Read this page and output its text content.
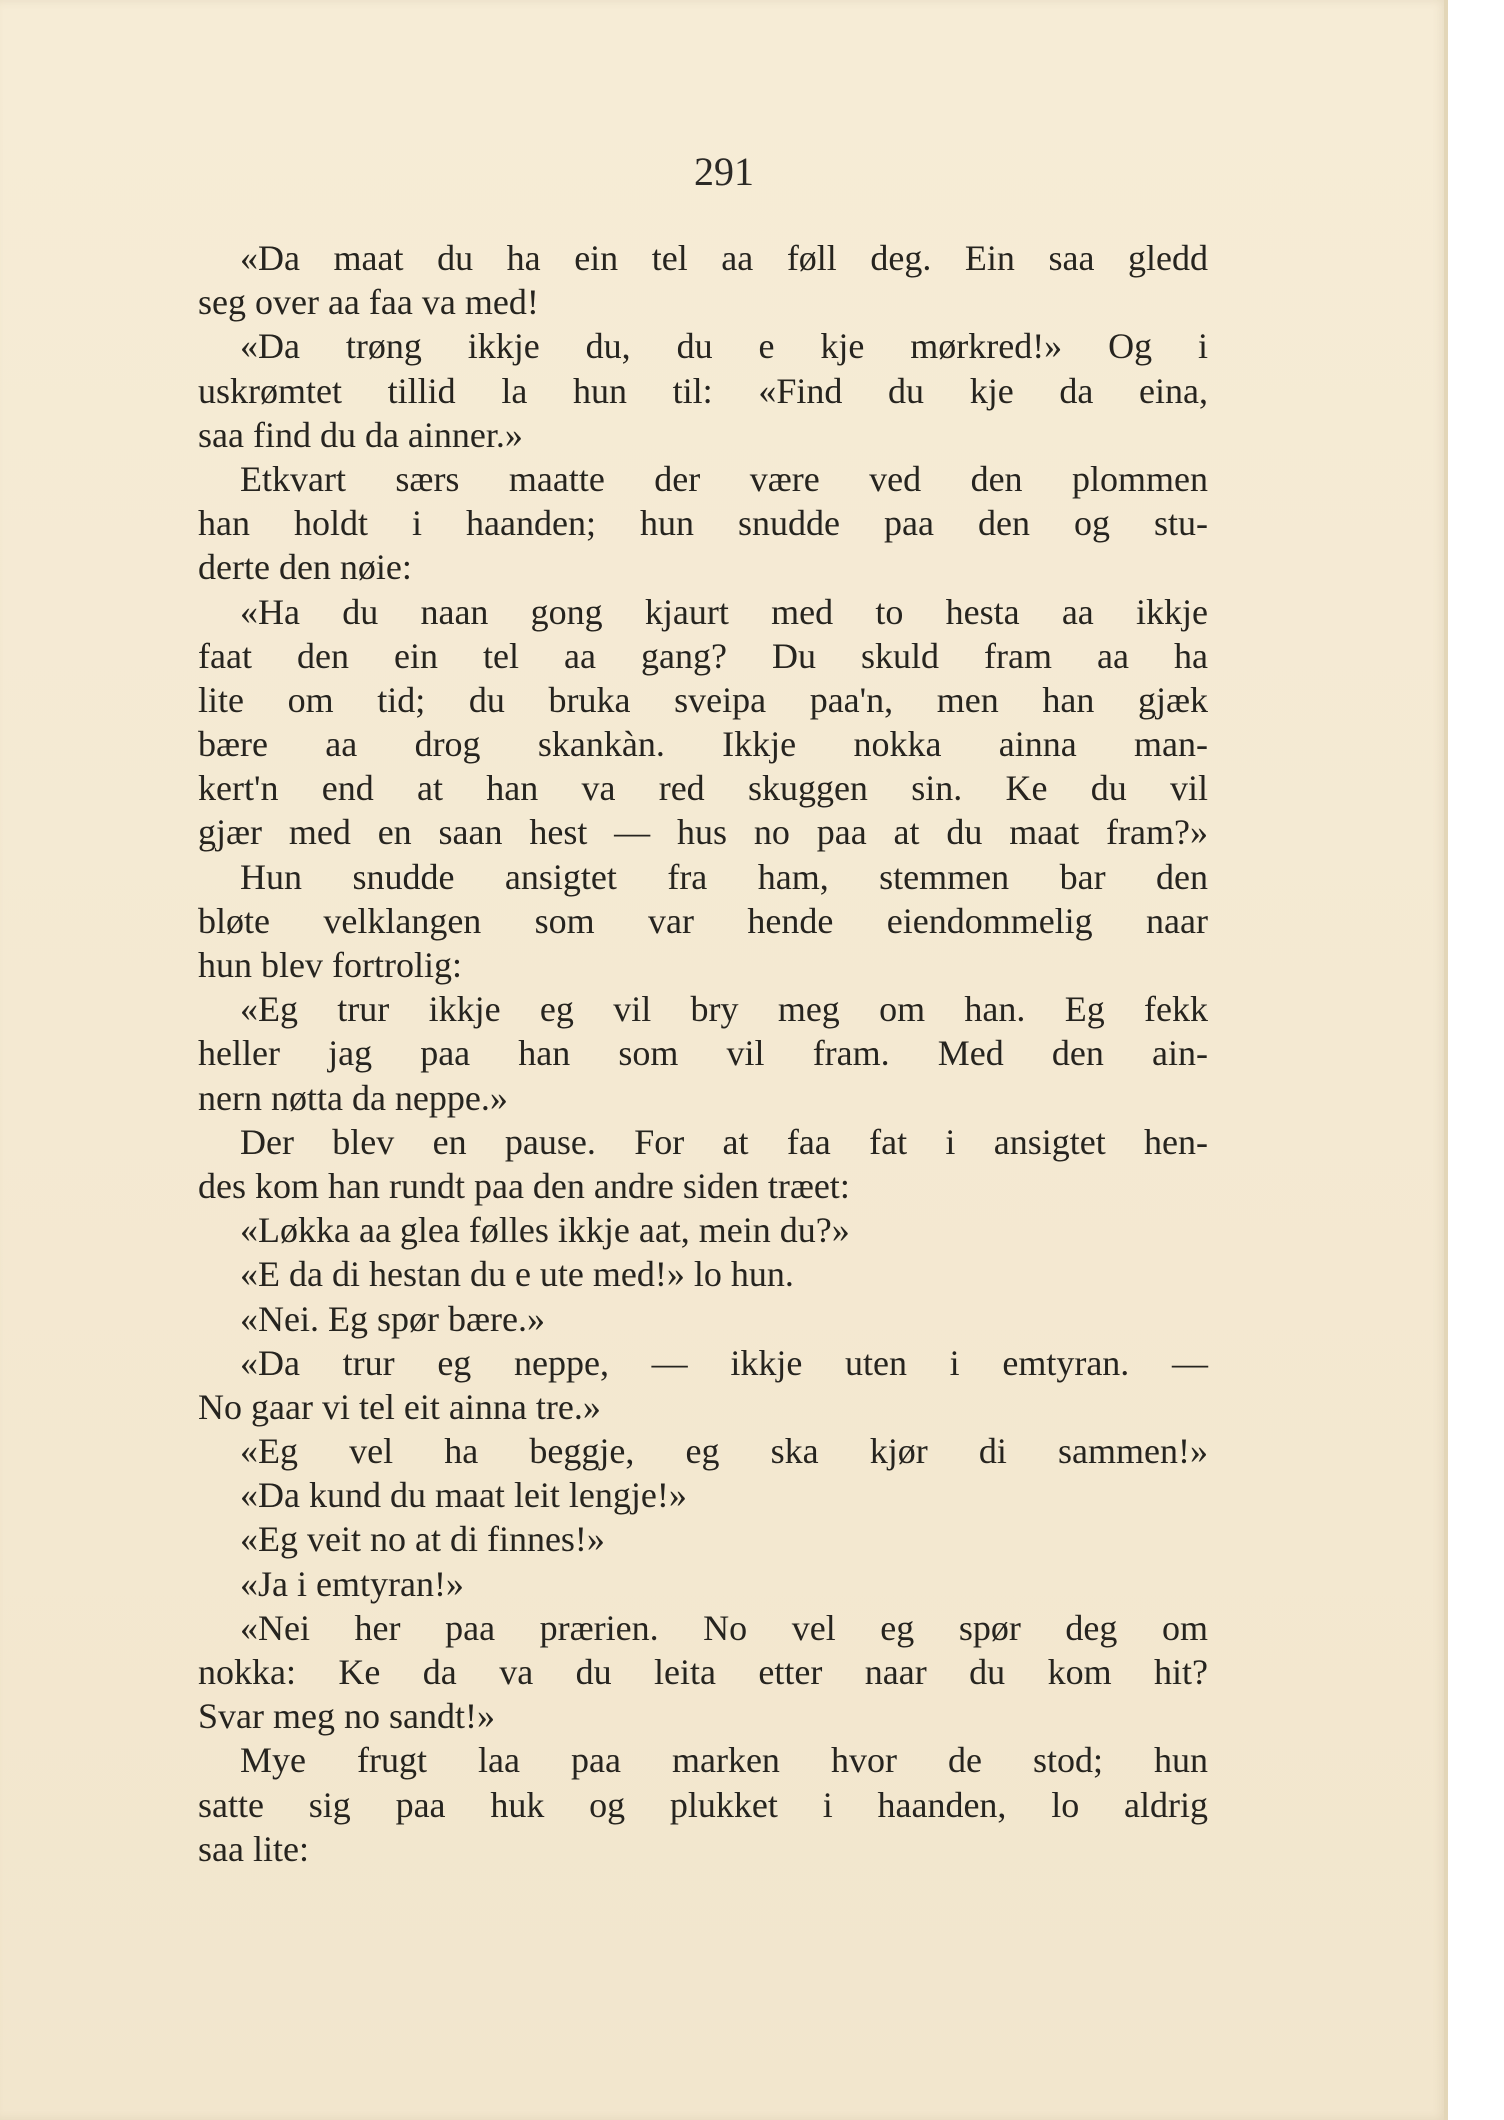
291
«Da maat du ha ein tel aa føll deg. Ein saa gledd
seg over aa faa va med!
«Da trøng ikkje du, du e kje mørkred!» Og i
uskrømtet tillid la hun til: «Find du kje da eina,
saa find du da ainner.»
Etkvart særs maatte der være ved den plommen
han holdt i haanden; hun snudde paa den og stu-
derte den nøie:
«Ha du naan gong kjaurt med to hesta aa ikkje
faat den ein tel aa gang? Du skuld fram aa ha
lite om tid; du bruka sveipa paa'n, men han gjæk
bære aa drog skankàn. Ikkje nokka ainna man-
kert'n end at han va red skuggen sin. Ke du vil
gjær med en saan hest — hus no paa at du maat fram?»
Hun snudde ansigtet fra ham, stemmen bar den
bløte velklangen som var hende eiendommelig naar
hun blev fortrolig:
«Eg trur ikkje eg vil bry meg om han. Eg fekk
heller jag paa han som vil fram. Med den ain-
nern nøtta da neppe.»
Der blev en pause. For at faa fat i ansigtet hen-
des kom han rundt paa den andre siden træet:
«Løkka aa glea følles ikkje aat, mein du?»
«E da di hestan du e ute med!» lo hun.
«Nei. Eg spør bære.»
«Da trur eg neppe, — ikkje uten i emtyran. —
No gaar vi tel eit ainna tre.»
«Eg vel ha beggje, eg ska kjør di sammen!»
«Da kund du maat leit lengje!»
«Eg veit no at di finnes!»
«Ja i emtyran!»
«Nei her paa prærien. No vel eg spør deg om
nokka: Ke da va du leita etter naar du kom hit?
Svar meg no sandt!»
Mye frugt laa paa marken hvor de stod; hun
satte sig paa huk og plukket i haanden, lo aldrig
saa lite:
